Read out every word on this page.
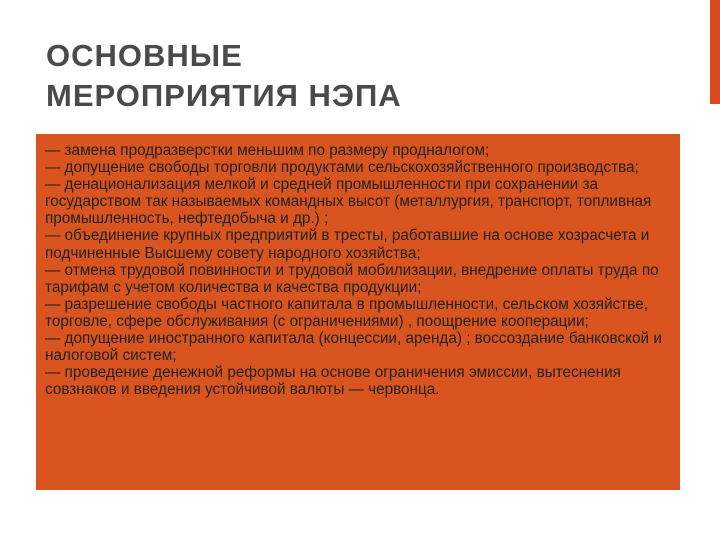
ОСНОВНЫЕ
МЕРОПРИЯТИЯ НЭПА
— замена продразверстки меньшим по размеру продналогом;
— допущение свободы торговли продуктами сельскохозяйственного производства;
— денационализация мелкой и средней промышленности при сохранении за государством так называемых командных высот (металлургия, транспорт, топливная промышленность, нефтедобыча и др.) ;
— объединение крупных предприятий в тресты, работавшие на основе хозрасчета и подчиненные Высшему совету народного хозяйства;
— отмена трудовой повинности и трудовой мобилизации, внедрение оплаты труда по тарифам с учетом количества и качества продукции;
— разрешение свободы частного капитала в промышленности, сельском хозяйстве, торговле, сфере обслуживания (с ограничениями) , поощрение кооперации;
— допущение иностранного капитала (концессии, аренда) ; воссоздание банковской и налоговой систем;
— проведение денежной реформы на основе ограничения эмиссии, вытеснения совзнаков и введения устойчивой валюты — червонца.
